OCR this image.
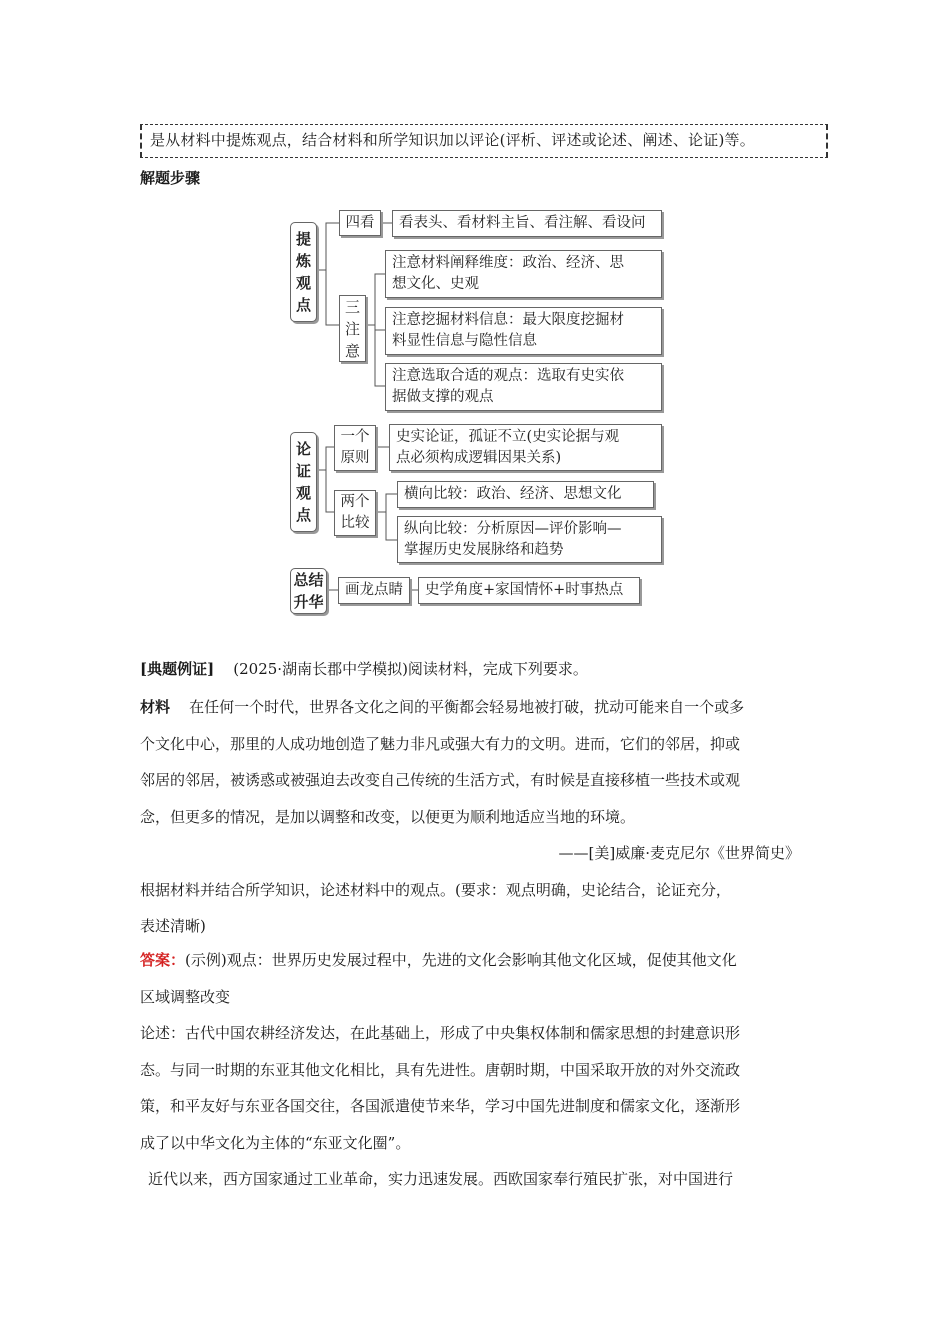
是从材料中提炼观点，结合材料和所学知识加以评论(评析、评述或论述、阐述、论证)等。
解题步骤
提
炼
观
点
四看 看表头、看材料主旨、看注解、看设问
三
注
意
注意材料阐释维度：政治、经济、思
想文化、史观
注意挖掘材料信息：最大限度挖掘材
料显性信息与隐性信息
注意选取合适的观点：选取有史实依
据做支撑的观点
论
证
观
点
一个
原则
史实论证，孤证不立(史实论据与观
点必须构成逻辑因果关系)
两个
比较
横向比较：政治、经济、思想文化
纵向比较：分析原因—评价影响—
掌握历史发展脉络和趋势
总结
升华
画龙点睛 史学角度+家国情怀+时事热点
[典题例证] (2025·湖南长郡中学模拟)阅读材料，完成下列要求。
材料 在任何一个时代，世界各文化之间的平衡都会轻易地被打破，扰动可能来自一个或多
个文化中心，那里的人成功地创造了魅力非凡或强大有力的文明。进而，它们的邻居，抑或
邻居的邻居，被诱惑或被强迫去改变自己传统的生活方式，有时候是直接移植一些技术或观
念，但更多的情况，是加以调整和改变，以便更为顺利地适应当地的环境。
——[美]威廉·麦克尼尔《世界简史》
根据材料并结合所学知识，论述材料中的观点。(要求：观点明确，史论结合，论证充分，
表述清晰)
答案：(示例)观点：世界历史发展过程中，先进的文化会影响其他文化区域，促使其他文化
区域调整改变
论述：古代中国农耕经济发达，在此基础上，形成了中央集权体制和儒家思想的封建意识形
态。与同一时期的东亚其他文化相比，具有先进性。唐朝时期，中国采取开放的对外交流政
策，和平友好与东亚各国交往，各国派遣使节来华，学习中国先进制度和儒家文化，逐渐形
成了以中华文化为主体的“东亚文化圈”。
近代以来，西方国家通过工业革命，实力迅速发展。西欧国家奉行殖民扩张，对中国进行
